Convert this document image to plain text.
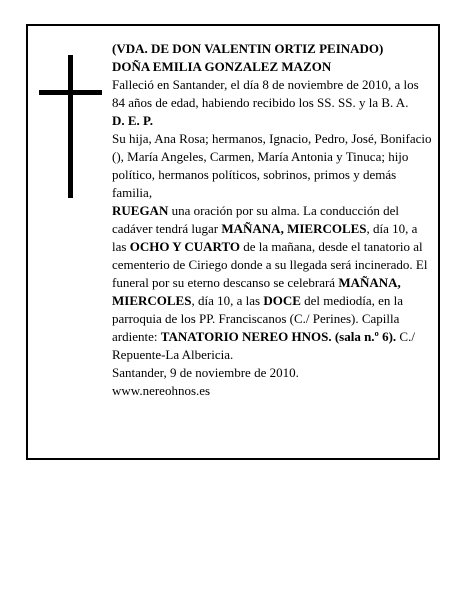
(VDA. DE DON VALENTIN ORTIZ PEINADO)

DOÑA EMILIA GONZALEZ MAZON

Falleció en Santander, el día 8 de noviembre de 2010, a los 84 años de edad, habiendo recibido los SS. SS. y la B. A.

D. E. P.

Su hija, Ana Rosa; hermanos, Ignacio, Pedro, José, Bonifacio (), María Angeles, Carmen, María Antonia y Tinuca; hijo político, hermanos políticos, sobrinos, primos y demás familia,

RUEGAN una oración por su alma. La conducción del cadáver tendrá lugar MAÑANA, MIERCOLES, día 10, a las OCHO Y CUARTO de la mañana, desde el tanatorio al cementerio de Ciriego donde a su llegada será incinerado. El funeral por su eterno descanso se celebrará MAÑANA, MIERCOLES, día 10, a las DOCE del mediodía, en la parroquia de los PP. Franciscanos (C./ Perines). Capilla ardiente: TANATORIO NEREO HNOS. (sala n.º 6). C./ Repuente-La Albericia.

Santander, 9 de noviembre de 2010.

www.nereohnos.es
